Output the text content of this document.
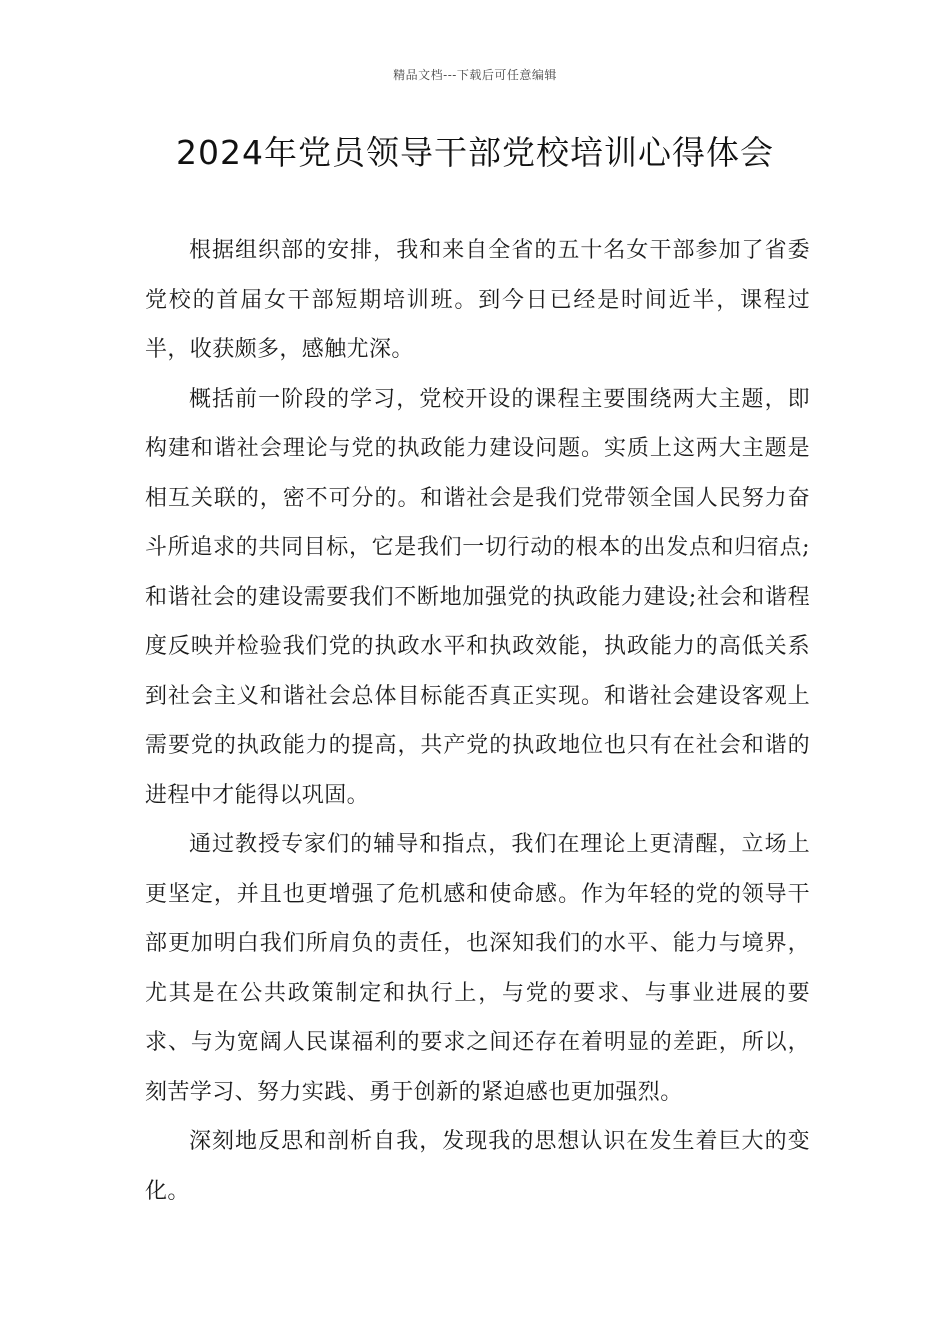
精品文档---下载后可任意编辑
2024年党员领导干部党校培训心得体会

根据组织部的安排，我和来自全省的五十名女干部参加了省委党校的首届女干部短期培训班。到今日已经是时间近半，课程过半，收获颇多，感触尤深。

概括前一阶段的学习，党校开设的课程主要围绕两大主题，即构建和谐社会理论与党的执政能力建设问题。实质上这两大主题是相互关联的，密不可分的。和谐社会是我们党带领全国人民努力奋斗所追求的共同目标，它是我们一切行动的根本的出发点和归宿点;和谐社会的建设需要我们不断地加强党的执政能力建设;社会和谐程度反映并检验我们党的执政水平和执政效能，执政能力的高低关系到社会主义和谐社会总体目标能否真正实现。和谐社会建设客观上需要党的执政能力的提高，共产党的执政地位也只有在社会和谐的进程中才能得以巩固。

通过教授专家们的辅导和指点，我们在理论上更清醒，立场上更坚定，并且也更增强了危机感和使命感。作为年轻的党的领导干部更加明白我们所肩负的责任，也深知我们的水平、能力与境界，尤其是在公共政策制定和执行上，与党的要求、与事业进展的要求、与为宽阔人民谋福利的要求之间还存在着明显的差距，所以，刻苦学习、努力实践、勇于创新的紧迫感也更加强烈。

深刻地反思和剖析自我，发现我的思想认识在发生着巨大的变化。
